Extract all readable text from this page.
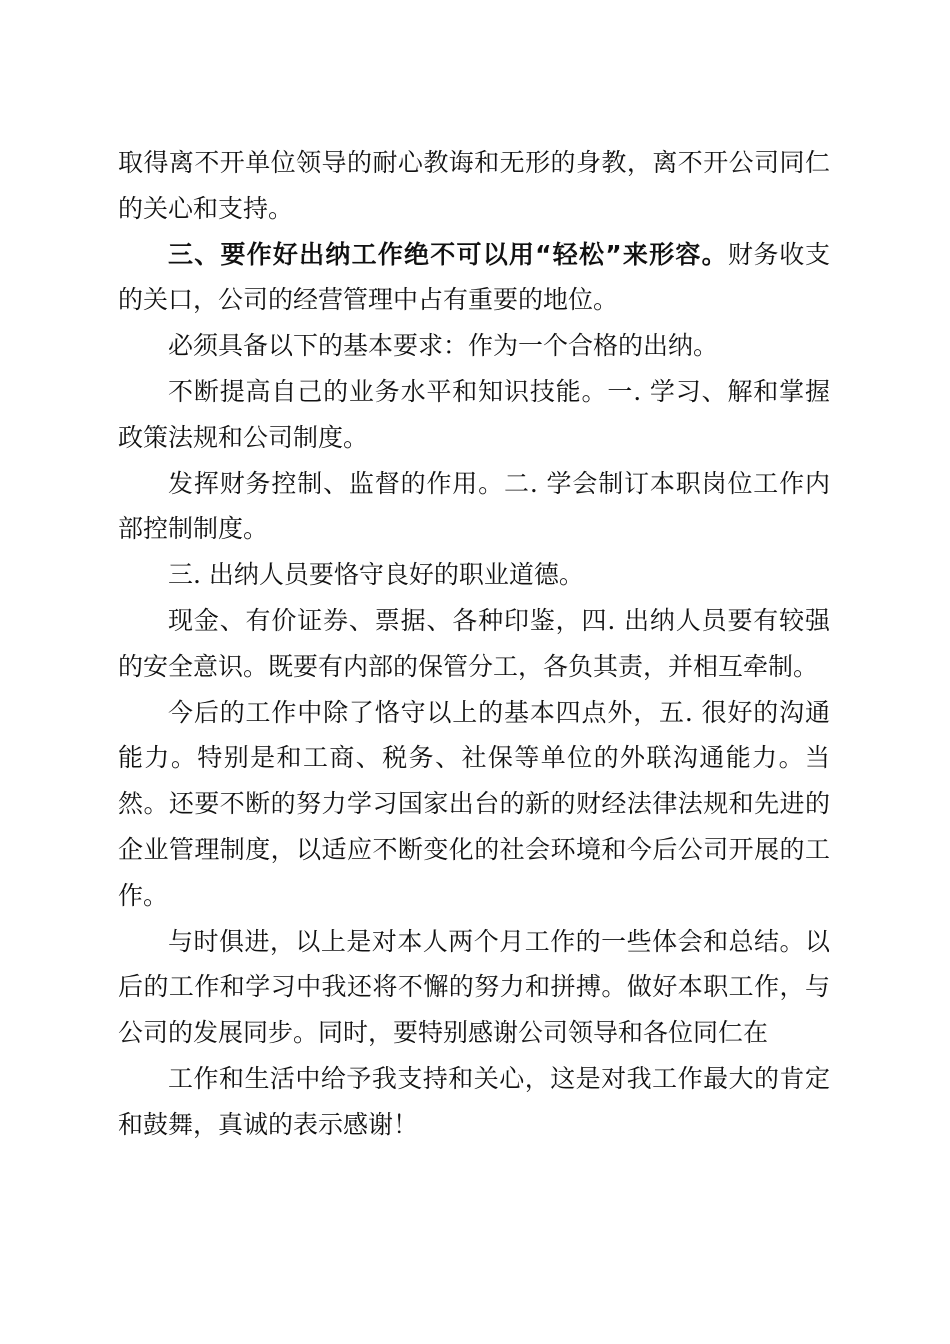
取得离不开单位领导的耐心教诲和无形的身教，离不开公司同仁的关心和支持。

三、要作好出纳工作绝不可以用“轻松”来形容。财务收支的关口，公司的经营管理中占有重要的地位。

必须具备以下的基本要求：作为一个合格的出纳。

不断提高自己的业务水平和知识技能。一. 学习、解和掌握政策法规和公司制度。

发挥财务控制、监督的作用。二. 学会制订本职岗位工作内部控制制度。

三. 出纳人员要恪守良好的职业道德。

现金、有价证券、票据、各种印鉴，四. 出纳人员要有较强的安全意识。既要有内部的保管分工，各负其责，并相互牵制。

今后的工作中除了恪守以上的基本四点外，五. 很好的沟通能力。特别是和工商、税务、社保等单位的外联沟通能力。当然。还要不断的努力学习国家出台的新的财经法律法规和先进的企业管理制度，以适应不断变化的社会环境和今后公司开展的工作。

与时俱进，以上是对本人两个月工作的一些体会和总结。以后的工作和学习中我还将不懈的努力和拼搏。做好本职工作，与公司的发展同步。同时，要特别感谢公司领导和各位同仁在

工作和生活中给予我支持和关心，这是对我工作最大的肯定和鼓舞，真诚的表示感谢！
